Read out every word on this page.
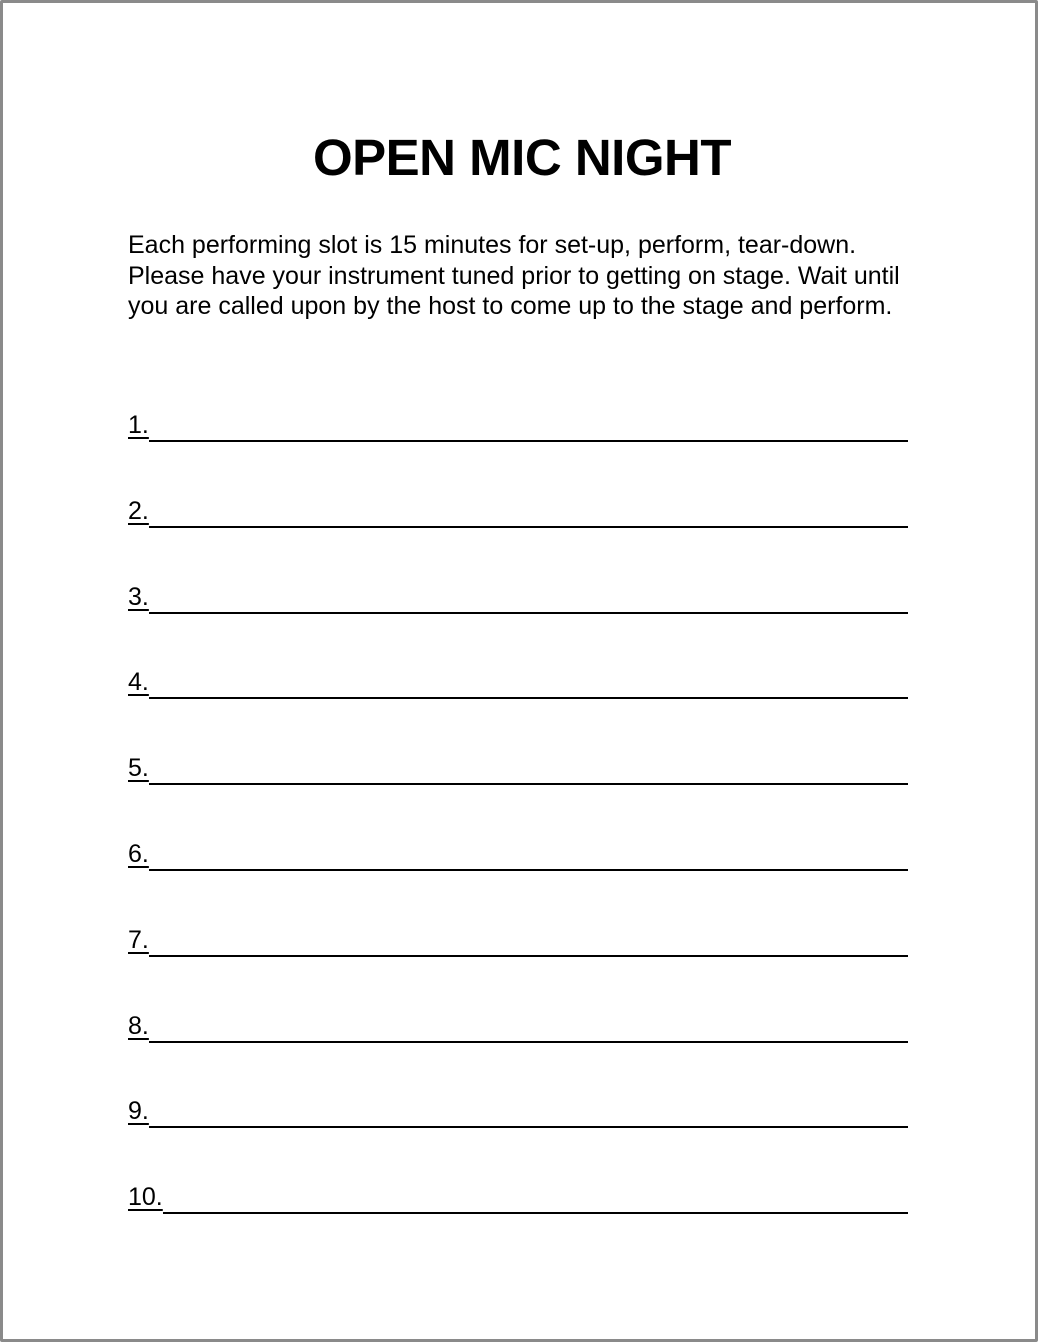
OPEN MIC NIGHT

Each performing slot is 15 minutes for set-up, perform, tear-down. Please have your instrument tuned prior to getting on stage. Wait until you are called upon by the host to come up to the stage and perform.

1.
2.
3.
4.
5.
6.
7.
8.
9.
10.
